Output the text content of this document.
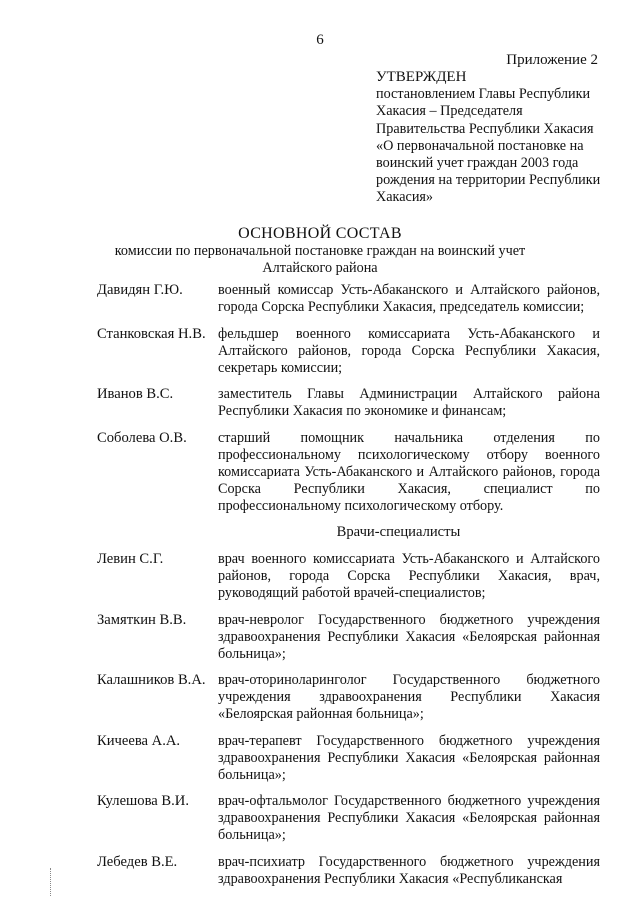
6
Приложение 2
УТВЕРЖДЕН
постановлением Главы Республики
Хакасия – Председателя
Правительства Республики Хакасия
«О первоначальной постановке на
воинский учет граждан 2003 года
рождения на территории Республики
Хакасия»
ОСНОВНОЙ СОСТАВ
комиссии по первоначальной постановке граждан на воинский учет
Алтайского района
Давидян Г.Ю.	военный комиссар Усть-Абаканского и Алтайского районов, города Сорска Республики Хакасия, председатель комиссии;
Станковская Н.В. фельдшер военного комиссариата Усть-Абаканского и Алтайского районов, города Сорска Республики Хакасия, секретарь комиссии;
Иванов В.С.	заместитель Главы Администрации Алтайского района Республики Хакасия по экономике и финансам;
Соболева О.В.	старший помощник начальника отделения по профессиональному психологическому отбору военного комиссариата Усть-Абаканского и Алтайского районов, города Сорска Республики Хакасия, специалист по профессиональному психологическому отбору.
Врачи-специалисты
Левин С.Г.	врач военного комиссариата Усть-Абаканского и Алтайского районов, города Сорска Республики Хакасия, врач, руководящий работой врачей-специалистов;
Замяткин В.В.	врач-невролог Государственного бюджетного учреждения здравоохранения Республики Хакасия «Белоярская районная больница»;
Калашников В.А. врач-оториноларинголог Государственного бюджетного учреждения здравоохранения Республики Хакасия «Белоярская районная больница»;
Кичеева А.А.	врач-терапевт Государственного бюджетного учреждения здравоохранения Республики Хакасия «Белоярская районная больница»;
Кулешова В.И.	врач-офтальмолог Государственного бюджетного учреждения здравоохранения Республики Хакасия «Белоярская районная больница»;
Лебедев В.Е.	врач-психиатр Государственного бюджетного учреждения здравоохранения Республики Хакасия «Республиканская
